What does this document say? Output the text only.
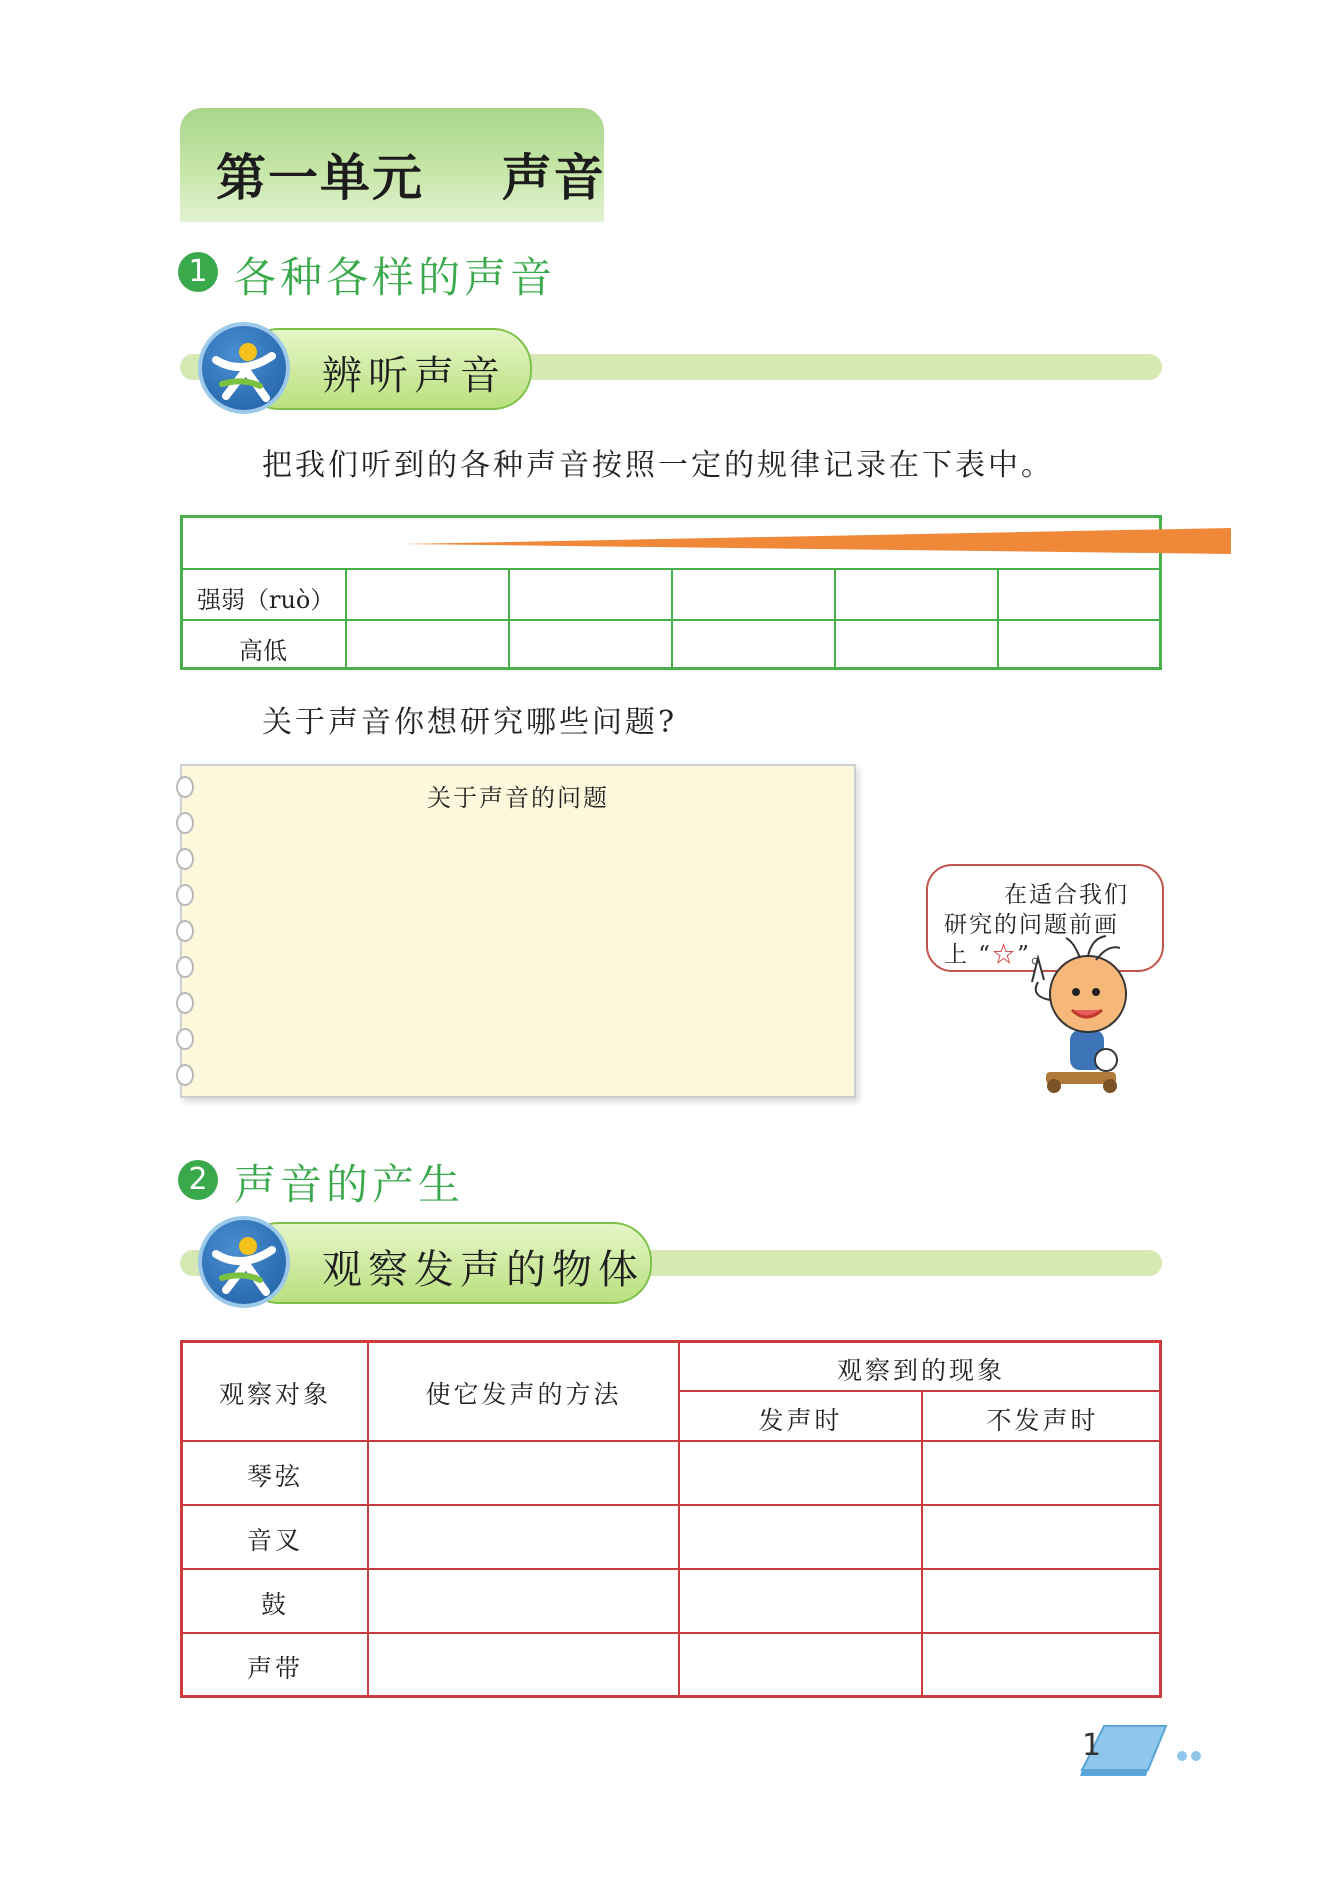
第一单元    声音
1 各种各样的声音
辨听声音
把我们听到的各种声音按照一定的规律记录在下表中。
强弱（ruò）
高低
关于声音你想研究哪些问题?
关于声音的问题
在适合我们
研究的问题前画
上 “☆”。
2 声音的产生
观察发声的物体
观察对象	使它发声的方法
观察到的现象
发声时	不发声时
琴弦
音叉
鼓
声带
1
